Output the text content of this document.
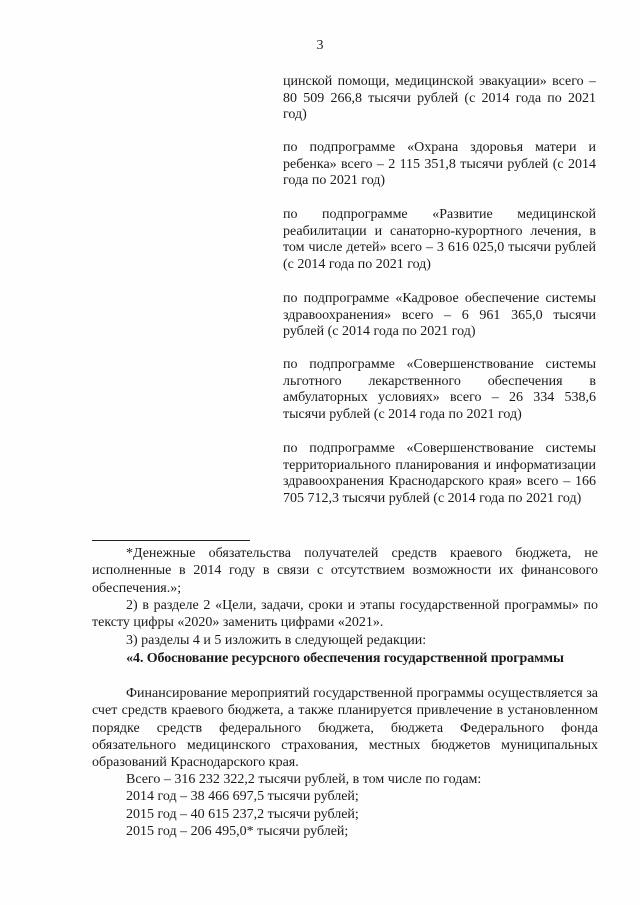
3

цинской помощи, медицинской эвакуации» всего – 80 509 266,8 тысячи рублей (с 2014 года по 2021 год)

по подпрограмме «Охрана здоровья матери и ребенка» всего – 2 115 351,8 тысячи рублей (с 2014 года по 2021 год)

по подпрограмме «Развитие медицинской реабилитации и санаторно-курортного лечения, в том числе детей» всего – 3 616 025,0 тысячи рублей (с 2014 года по 2021 год)

по подпрограмме «Кадровое обеспечение системы здравоохранения» всего – 6 961 365,0 тысячи рублей (с 2014 года по 2021 год)

по подпрограмме «Совершенствование системы льготного лекарственного обеспечения в амбулаторных условиях» всего – 26 334 538,6 тысячи рублей (с 2014 года по 2021 год)

по подпрограмме «Совершенствование системы территориального планирования и информатизации здравоохранения Краснодарского края» всего – 166 705 712,3 тысячи рублей (с 2014 года по 2021 год)

*Денежные обязательства получателей средств краевого бюджета, не исполненные в 2014 году в связи с отсутствием возможности их финансового обеспечения.»;

2) в разделе 2 «Цели, задачи, сроки и этапы государственной программы» по тексту цифры «2020» заменить цифрами «2021».

3) разделы 4 и 5 изложить в следующей редакции:

«4. Обоснование ресурсного обеспечения государственной программы

Финансирование мероприятий государственной программы осуществляется за счет средств краевого бюджета, а также планируется привлечение в установленном порядке средств федерального бюджета, бюджета Федерального фонда обязательного медицинского страхования, местных бюджетов муниципальных образований Краснодарского края.

Всего – 316 232 322,2 тысячи рублей, в том числе по годам:

2014 год – 38 466 697,5 тысячи рублей;

2015 год – 40 615 237,2 тысячи рублей;

2015 год – 206 495,0* тысячи рублей;
